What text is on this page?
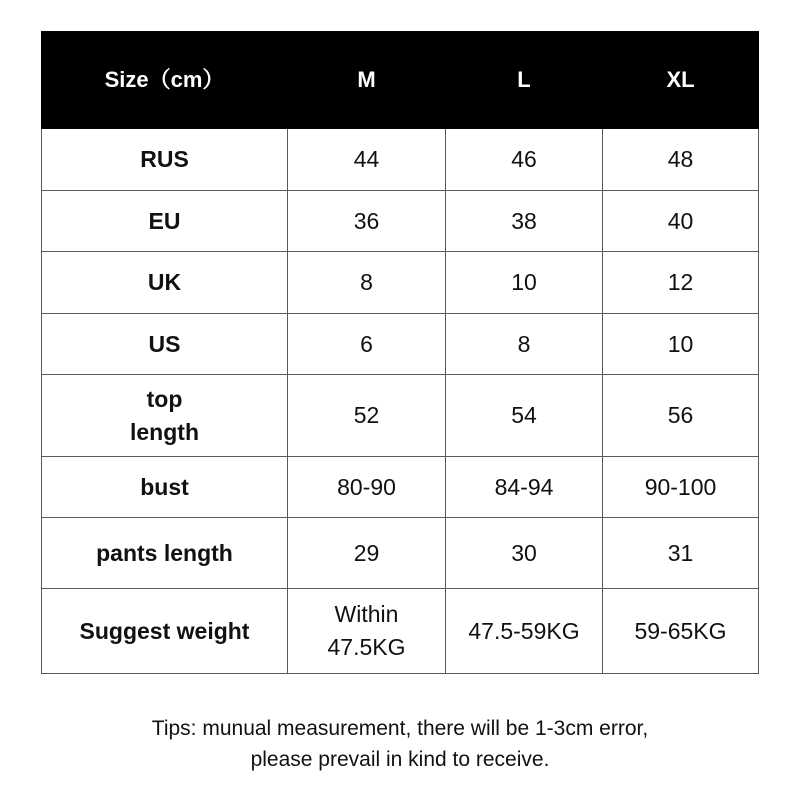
Size（cm）	M	L	XL
RUS	44	46	48
EU	36	38	40
UK	8	10	12
US	6	8	10
top length	52	54	56
bust	80-90	84-94	90-100
pants length	29	30	31
Suggest weight	Within 47.5KG	47.5-59KG	59-65KG
Tips: munual measurement, there will be 1-3cm error,
please prevail in kind to receive.
